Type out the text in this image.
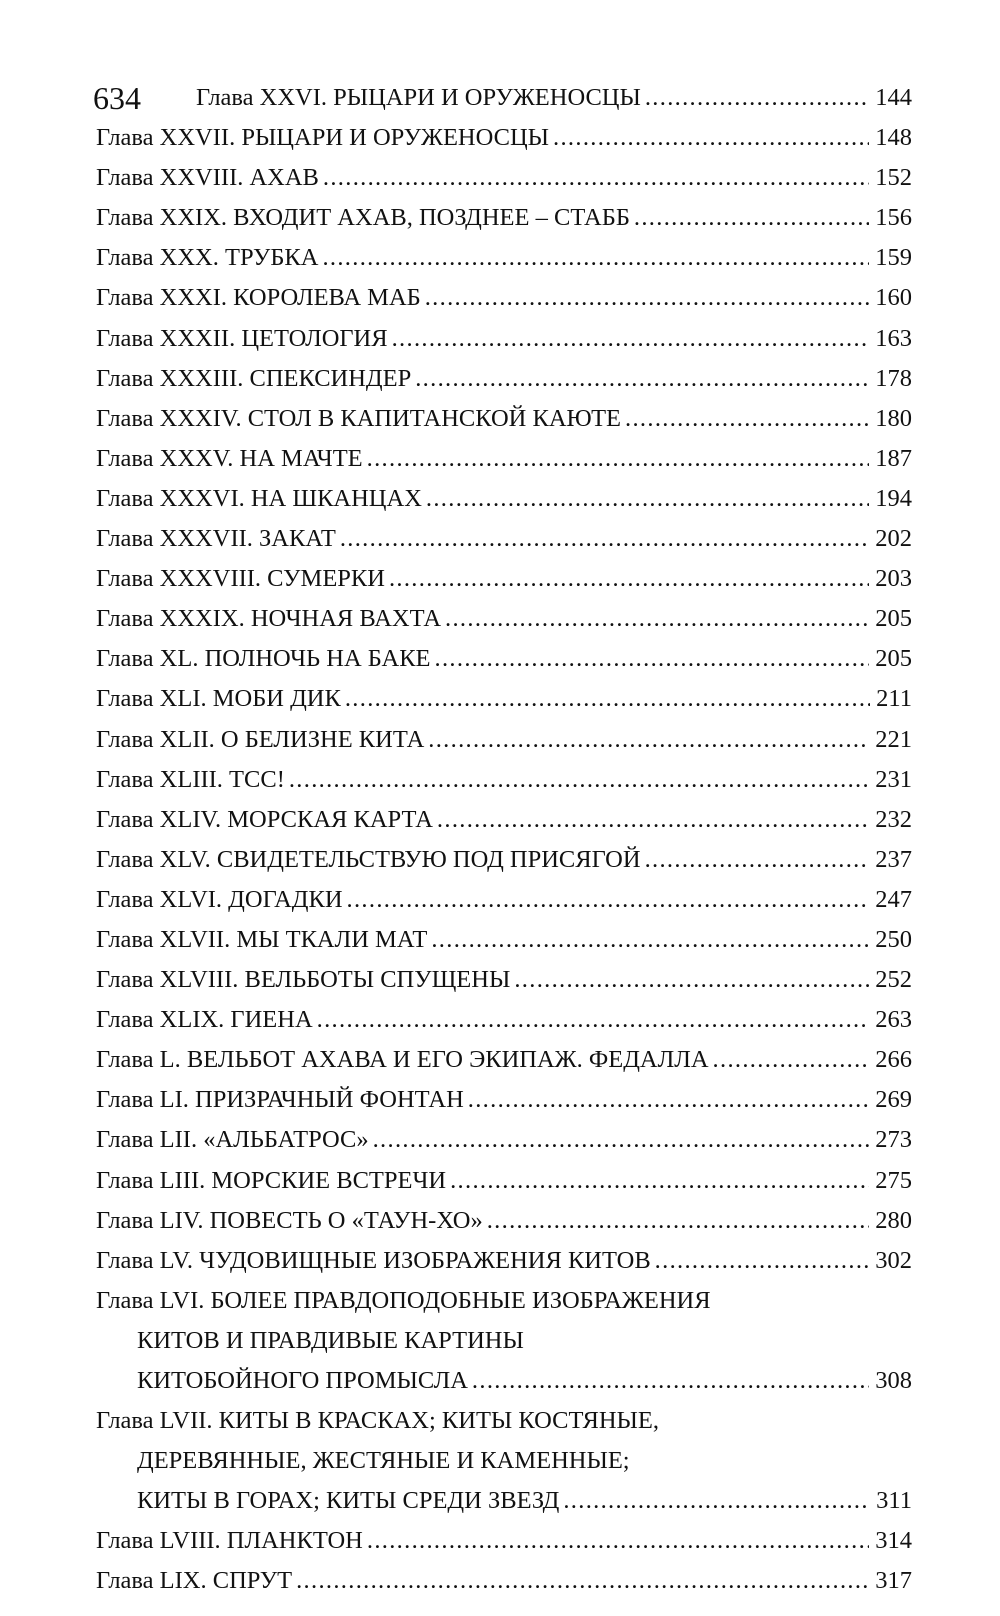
634 Глава XXVI. РЫЦАРИ И ОРУЖЕНОСЦЫ . . .	144
Глава XXVII. РЫЦАРИ И ОРУЖЕНОСЦЫ . . .	148
Глава XXVIII. АХАВ . . .	152
Глава XXIX. ВХОДИТ АХАВ, ПОЗДНЕЕ – СТАББ . . .	156
Глава XXX. ТРУБКА . . .	159
Глава XXXI. КОРОЛЕВА МАБ . . .	160
Глава XXXII. ЦЕТОЛОГИЯ . . .	163
Глава XXXIII. СПЕКСИНДЕР . . .	178
Глава XXXIV. СТОЛ В КАПИТАНСКОЙ КАЮТЕ . . .	180
Глава XXXV. НА МАЧТЕ . . .	187
Глава XXXVI. НА ШКАНЦАХ . . .	194
Глава XXXVII. ЗАКАТ . . .	202
Глава XXXVIII. СУМЕРКИ . . .	203
Глава XXXIX. НОЧНАЯ ВАХТА . . .	205
Глава XL. ПОЛНОЧЬ НА БАКЕ . . .	205
Глава XLI. МОБИ ДИК . . .	211
Глава XLII. О БЕЛИЗНЕ КИТА . . .	221
Глава XLIII. ТСС! . . .	231
Глава XLIV. МОРСКАЯ КАРТА . . .	232
Глава XLV. СВИДЕТЕЛЬСТВУЮ ПОД ПРИСЯГОЙ . . .	237
Глава XLVI. ДОГАДКИ . . .	247
Глава XLVII. МЫ ТКАЛИ МАТ . . .	250
Глава XLVIII. ВЕЛЬБОТЫ СПУЩЕНЫ . . .	252
Глава XLIX. ГИЕНА . . .	263
Глава L. ВЕЛЬБОТ АХАВА И ЕГО ЭКИПАЖ. ФЕДАЛЛА . . .	266
Глава LI. ПРИЗРАЧНЫЙ ФОНТАН . . .	269
Глава LII. «АЛЬБАТРОС» . . .	273
Глава LIII. МОРСКИЕ ВСТРЕЧИ . . .	275
Глава LIV. ПОВЕСТЬ О «ТАУН-ХО» . . .	280
Глава LV. ЧУДОВИЩНЫЕ ИЗОБРАЖЕНИЯ КИТОВ . . .	302
Глава LVI. БОЛЕЕ ПРАВДОПОДОБНЫЕ ИЗОБРАЖЕНИЯ
КИТОВ И ПРАВДИВЫЕ КАРТИНЫ
КИТОБОЙНОГО ПРОМЫСЛА . . .	308
Глава LVII. КИТЫ В КРАСКАХ; КИТЫ КОСТЯНЫЕ,
ДЕРЕВЯННЫЕ, ЖЕСТЯНЫЕ И КАМЕННЫЕ;
КИТЫ В ГОРАХ; КИТЫ СРЕДИ ЗВЕЗД . . .	311
Глава LVIII. ПЛАНКТОН . . .	314
Глава LIX. СПРУТ . . .	317
